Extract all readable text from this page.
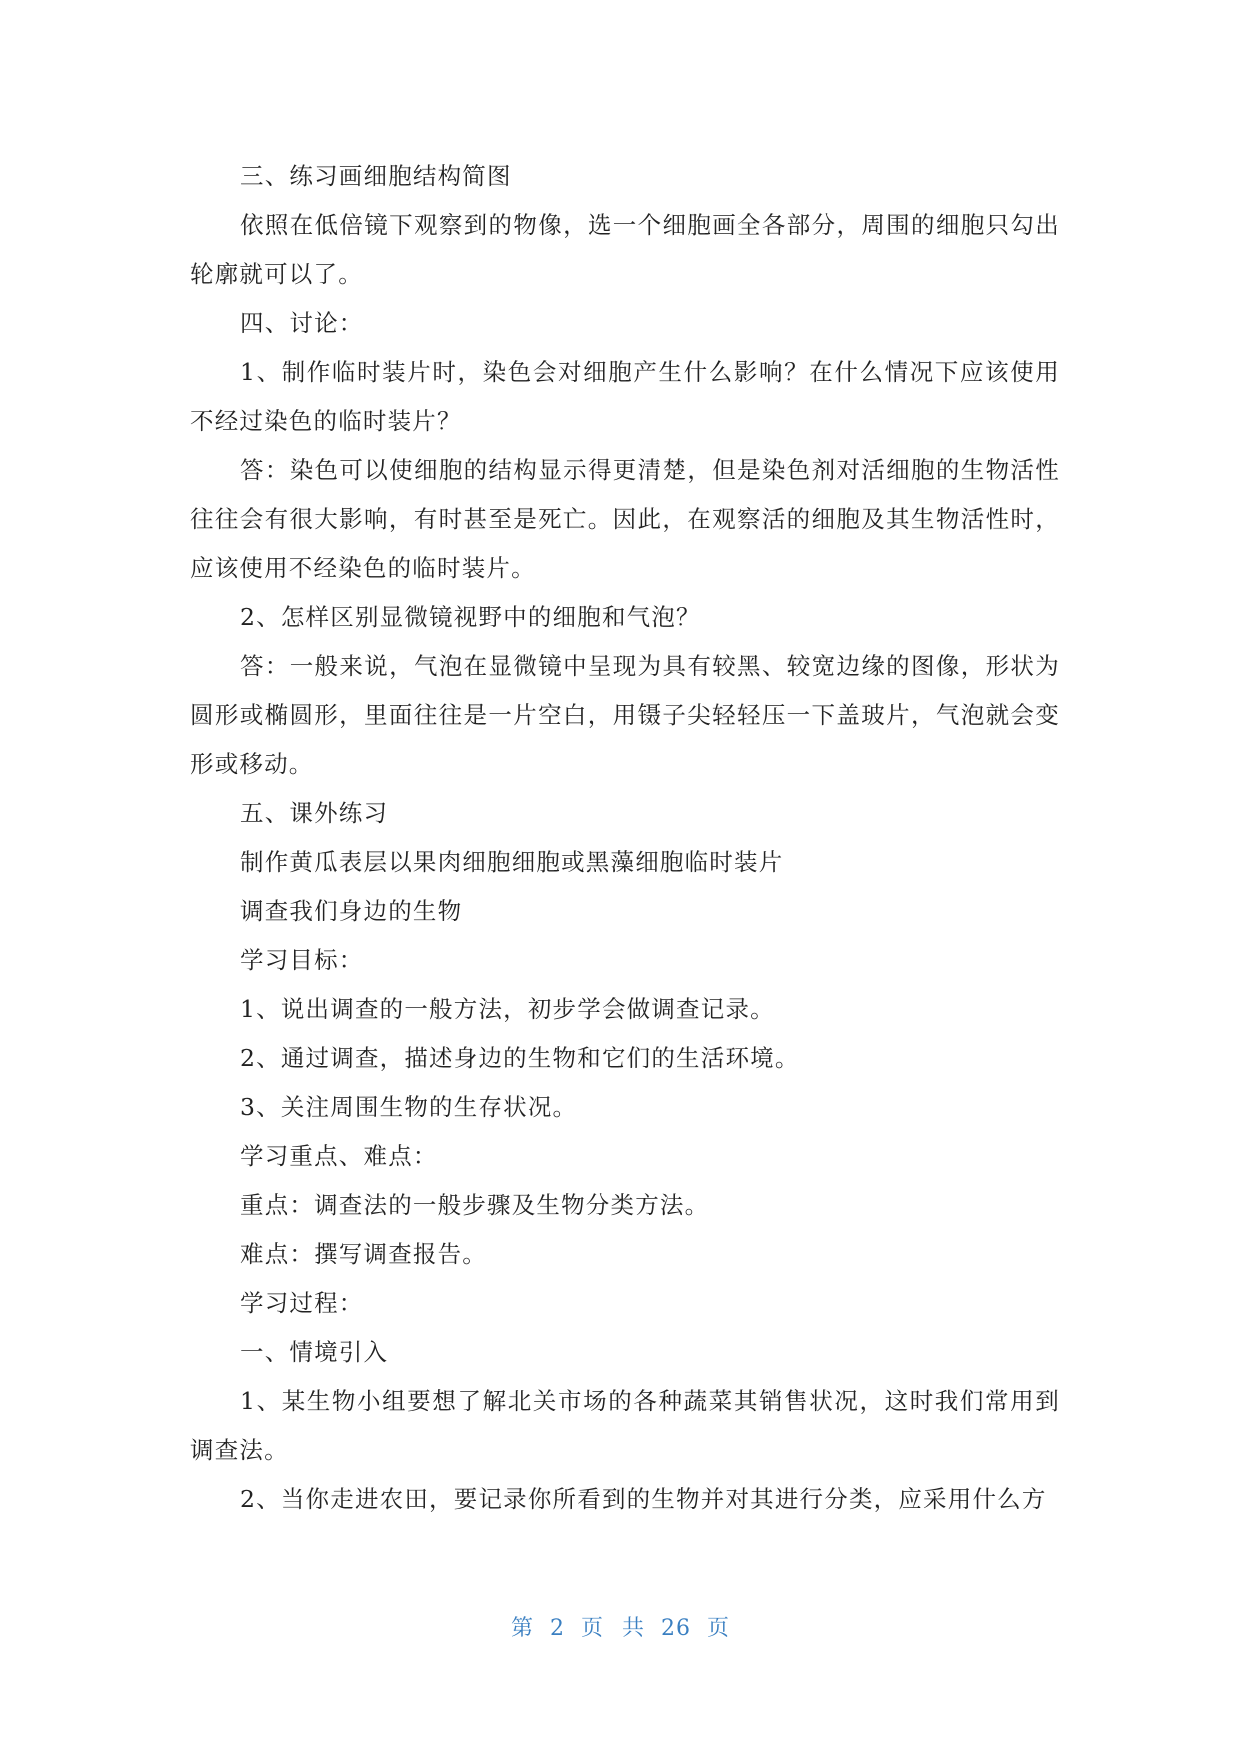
三、练习画细胞结构简图

依照在低倍镜下观察到的物像，选一个细胞画全各部分，周围的细胞只勾出轮廓就可以了。

四、讨论：

1、制作临时装片时，染色会对细胞产生什么影响？在什么情况下应该使用不经过染色的临时装片？

答：染色可以使细胞的结构显示得更清楚，但是染色剂对活细胞的生物活性往往会有很大影响，有时甚至是死亡。因此，在观察活的细胞及其生物活性时，应该使用不经染色的临时装片。

2、怎样区别显微镜视野中的细胞和气泡？

答：一般来说，气泡在显微镜中呈现为具有较黑、较宽边缘的图像，形状为圆形或椭圆形，里面往往是一片空白，用镊子尖轻轻压一下盖玻片，气泡就会变形或移动。

五、课外练习

制作黄瓜表层以果肉细胞细胞或黑藻细胞临时装片

调查我们身边的生物

学习目标：

1、说出调查的一般方法，初步学会做调查记录。

2、通过调查，描述身边的生物和它们的生活环境。

3、关注周围生物的生存状况。

学习重点、难点：

重点：调查法的一般步骤及生物分类方法。

难点：撰写调查报告。

学习过程：

一、情境引入

1、某生物小组要想了解北关市场的各种蔬菜其销售状况，这时我们常用到调查法。

2、当你走进农田，要记录你所看到的生物并对其进行分类，应采用什么方

第 2 页 共 26 页
